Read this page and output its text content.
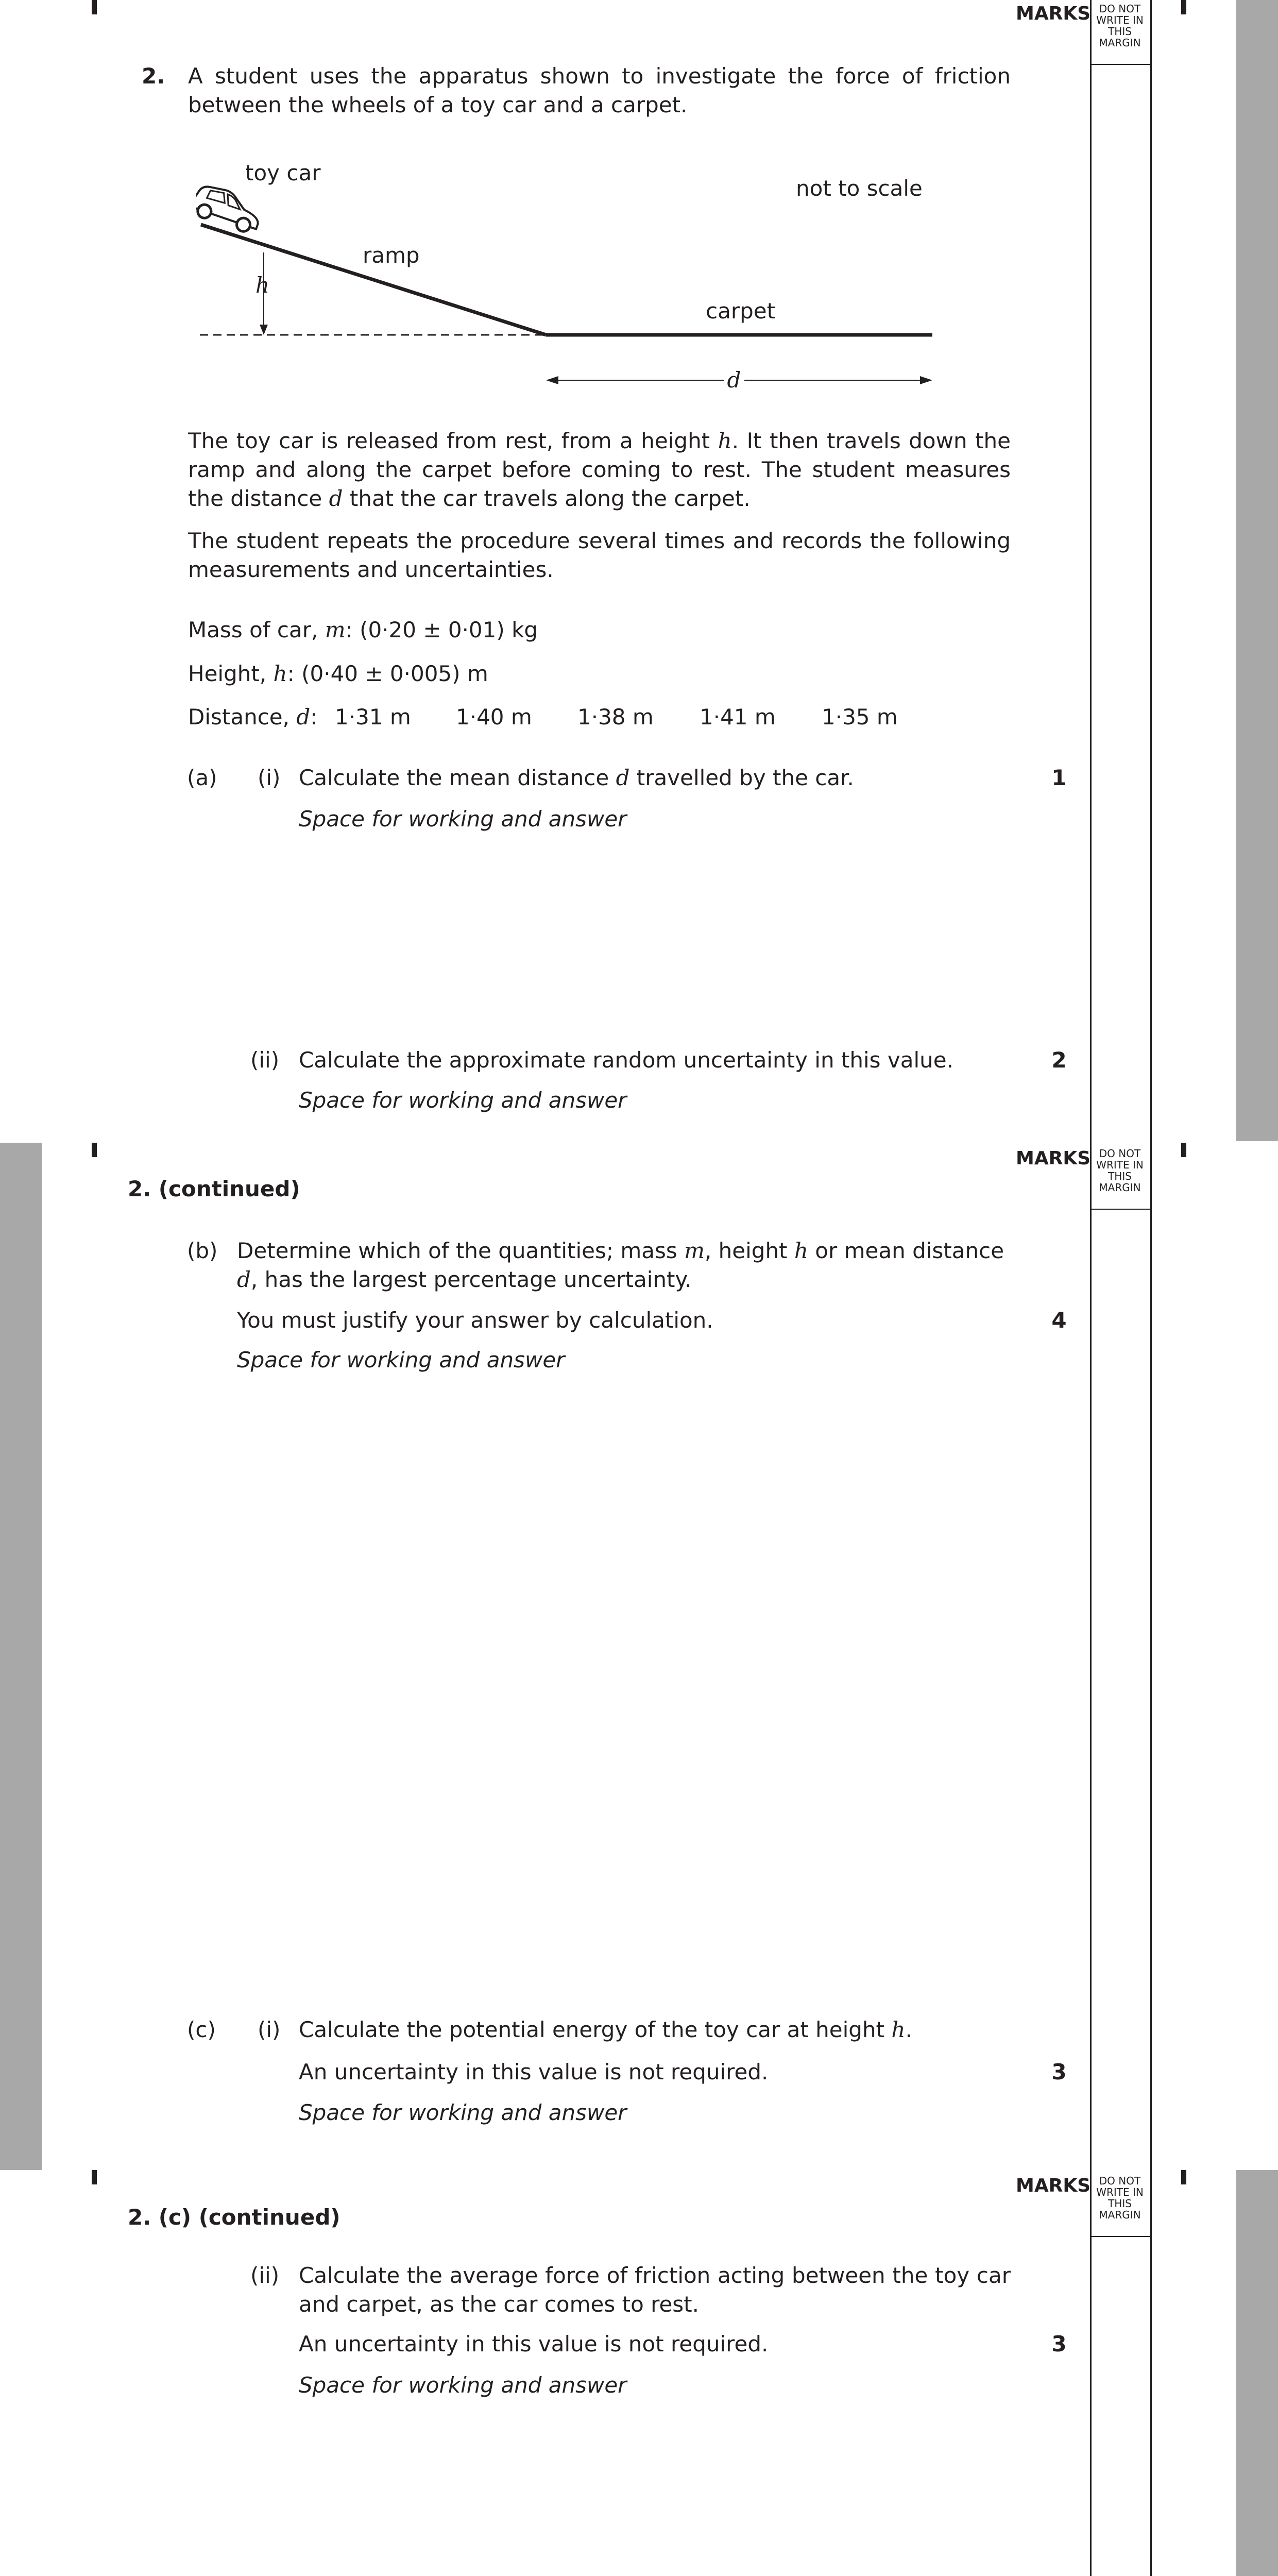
MARKS DO NOT
WRITE IN
THIS
MARGIN
MARKS DO NOT
WRITE IN
THIS
MARGIN
MARKS DO NOT
WRITE IN
THIS
MARGIN
2. A student uses the apparatus shown to investigate the force of friction between the wheels of a toy car and a carpet.
toy car
ramp
h
carpet
d
not to scale
The toy car is released from rest, from a height h. It then travels down the ramp and along the carpet before coming to rest. The student measures the distance d that the car travels along the carpet.
The student repeats the procedure several times and records the following measurements and uncertainties.
Mass of car, m: (0·20 ± 0·01) kg
Height, h: (0·40 ± 0·005) m
Distance, d: 1·31 m 1·40 m 1·38 m 1·41 m 1·35 m
(a) (i) Calculate the mean distance d travelled by the car.	1
Space for working and answer
(ii) Calculate the approximate random uncertainty in this value.	2
Space for working and answer
2. (continued)
(b) Determine which of the quantities; mass m, height h or mean distance d, has the largest percentage uncertainty.
You must justify your answer by calculation.	4
Space for working and answer
(c) (i) Calculate the potential energy of the toy car at height h.
An uncertainty in this value is not required.	3
Space for working and answer
2. (c) (continued)
(ii) Calculate the average force of friction acting between the toy car and carpet, as the car comes to rest.
An uncertainty in this value is not required.	3
Space for working and answer
